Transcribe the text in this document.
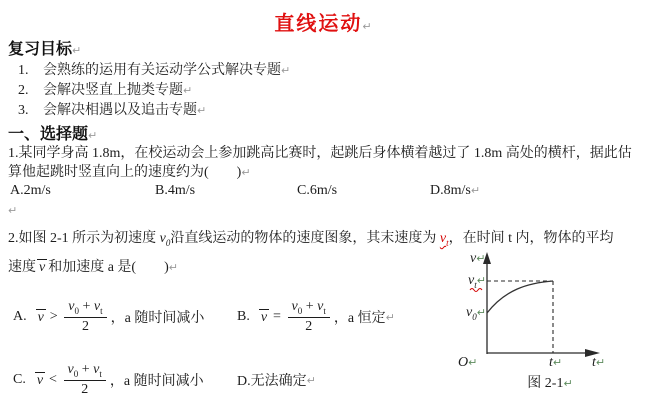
直线运动↵
复习目标↵
1. 会熟练的运用有关运动学公式解决专题↵
2. 会解决竖直上抛类专题↵
3. 会解决相遇以及追击专题↵
一、选择题↵
1.某同学身高 1.8m，在校运动会上参加跳高比赛时，起跳后身体横着越过了 1.8m 高处的横杆，据此估
算他起跳时竖直向上的速度约为(　　)↵
A.2m/s	B.4m/s	C.6m/s	D.8m/s↵
↵
2.如图 2-1 所示为初速度 $v_0$沿直线运动的物体的速度图象，其末速度为 $v_t$，在时间 t 内，物体的平均
速度 v 和加速度 a 是(　　)↵
A. $v > \frac{v_0 + v_t}{2}$ ，a 随时间减小 B. $v = \frac{v_0 + v_t}{2}$ ，a 恒定 ↵
C. $v < \frac{v_0 + v_t}{2}$ ，a 随时间减小 D.无法确定 ↵
v↵
$v_t↵$
$v_0↵$
O↵	t↵ t↵
图 2-1↵
